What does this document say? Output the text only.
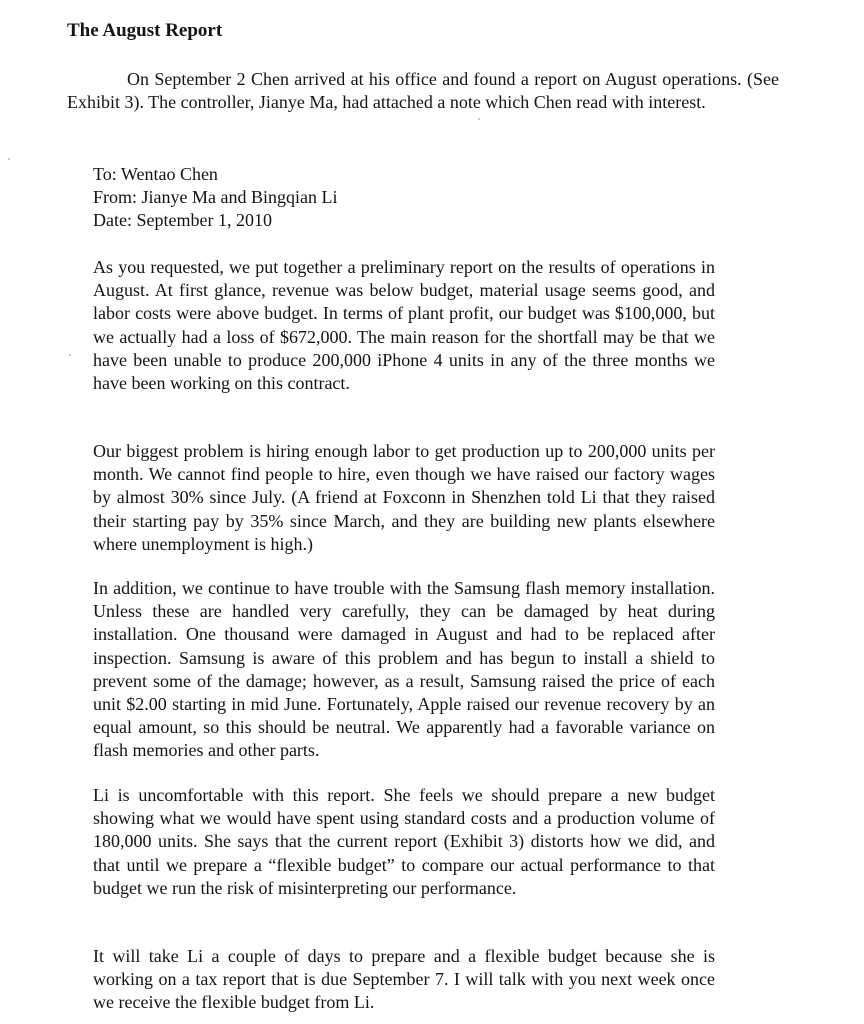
The August Report

On September 2 Chen arrived at his office and found a report on August operations. (See Exhibit 3). The controller, Jianye Ma, had attached a note which Chen read with interest.

To: Wentao Chen
From: Jianye Ma and Bingqian Li
Date: September 1, 2010

As you requested, we put together a preliminary report on the results of operations in August. At first glance, revenue was below budget, material usage seems good, and labor costs were above budget. In terms of plant profit, our budget was $100,000, but we actually had a loss of $672,000. The main reason for the shortfall may be that we have been unable to produce 200,000 iPhone 4 units in any of the three months we have been working on this contract.

Our biggest problem is hiring enough labor to get production up to 200,000 units per month. We cannot find people to hire, even though we have raised our factory wages by almost 30% since July. (A friend at Foxconn in Shenzhen told Li that they raised their starting pay by 35% since March, and they are building new plants elsewhere where unemployment is high.)

In addition, we continue to have trouble with the Samsung flash memory installation. Unless these are handled very carefully, they can be damaged by heat during installation. One thousand were damaged in August and had to be replaced after inspection. Samsung is aware of this problem and has begun to install a shield to prevent some of the damage; however, as a result, Samsung raised the price of each unit $2.00 starting in mid June. Fortunately, Apple raised our revenue recovery by an equal amount, so this should be neutral. We apparently had a favorable variance on flash memories and other parts.

Li is uncomfortable with this report. She feels we should prepare a new budget showing what we would have spent using standard costs and a production volume of 180,000 units. She says that the current report (Exhibit 3) distorts how we did, and that until we prepare a “flexible budget” to compare our actual performance to that budget we run the risk of misinterpreting our performance.

It will take Li a couple of days to prepare and a flexible budget because she is working on a tax report that is due September 7. I will talk with you next week once we receive the flexible budget from Li.
